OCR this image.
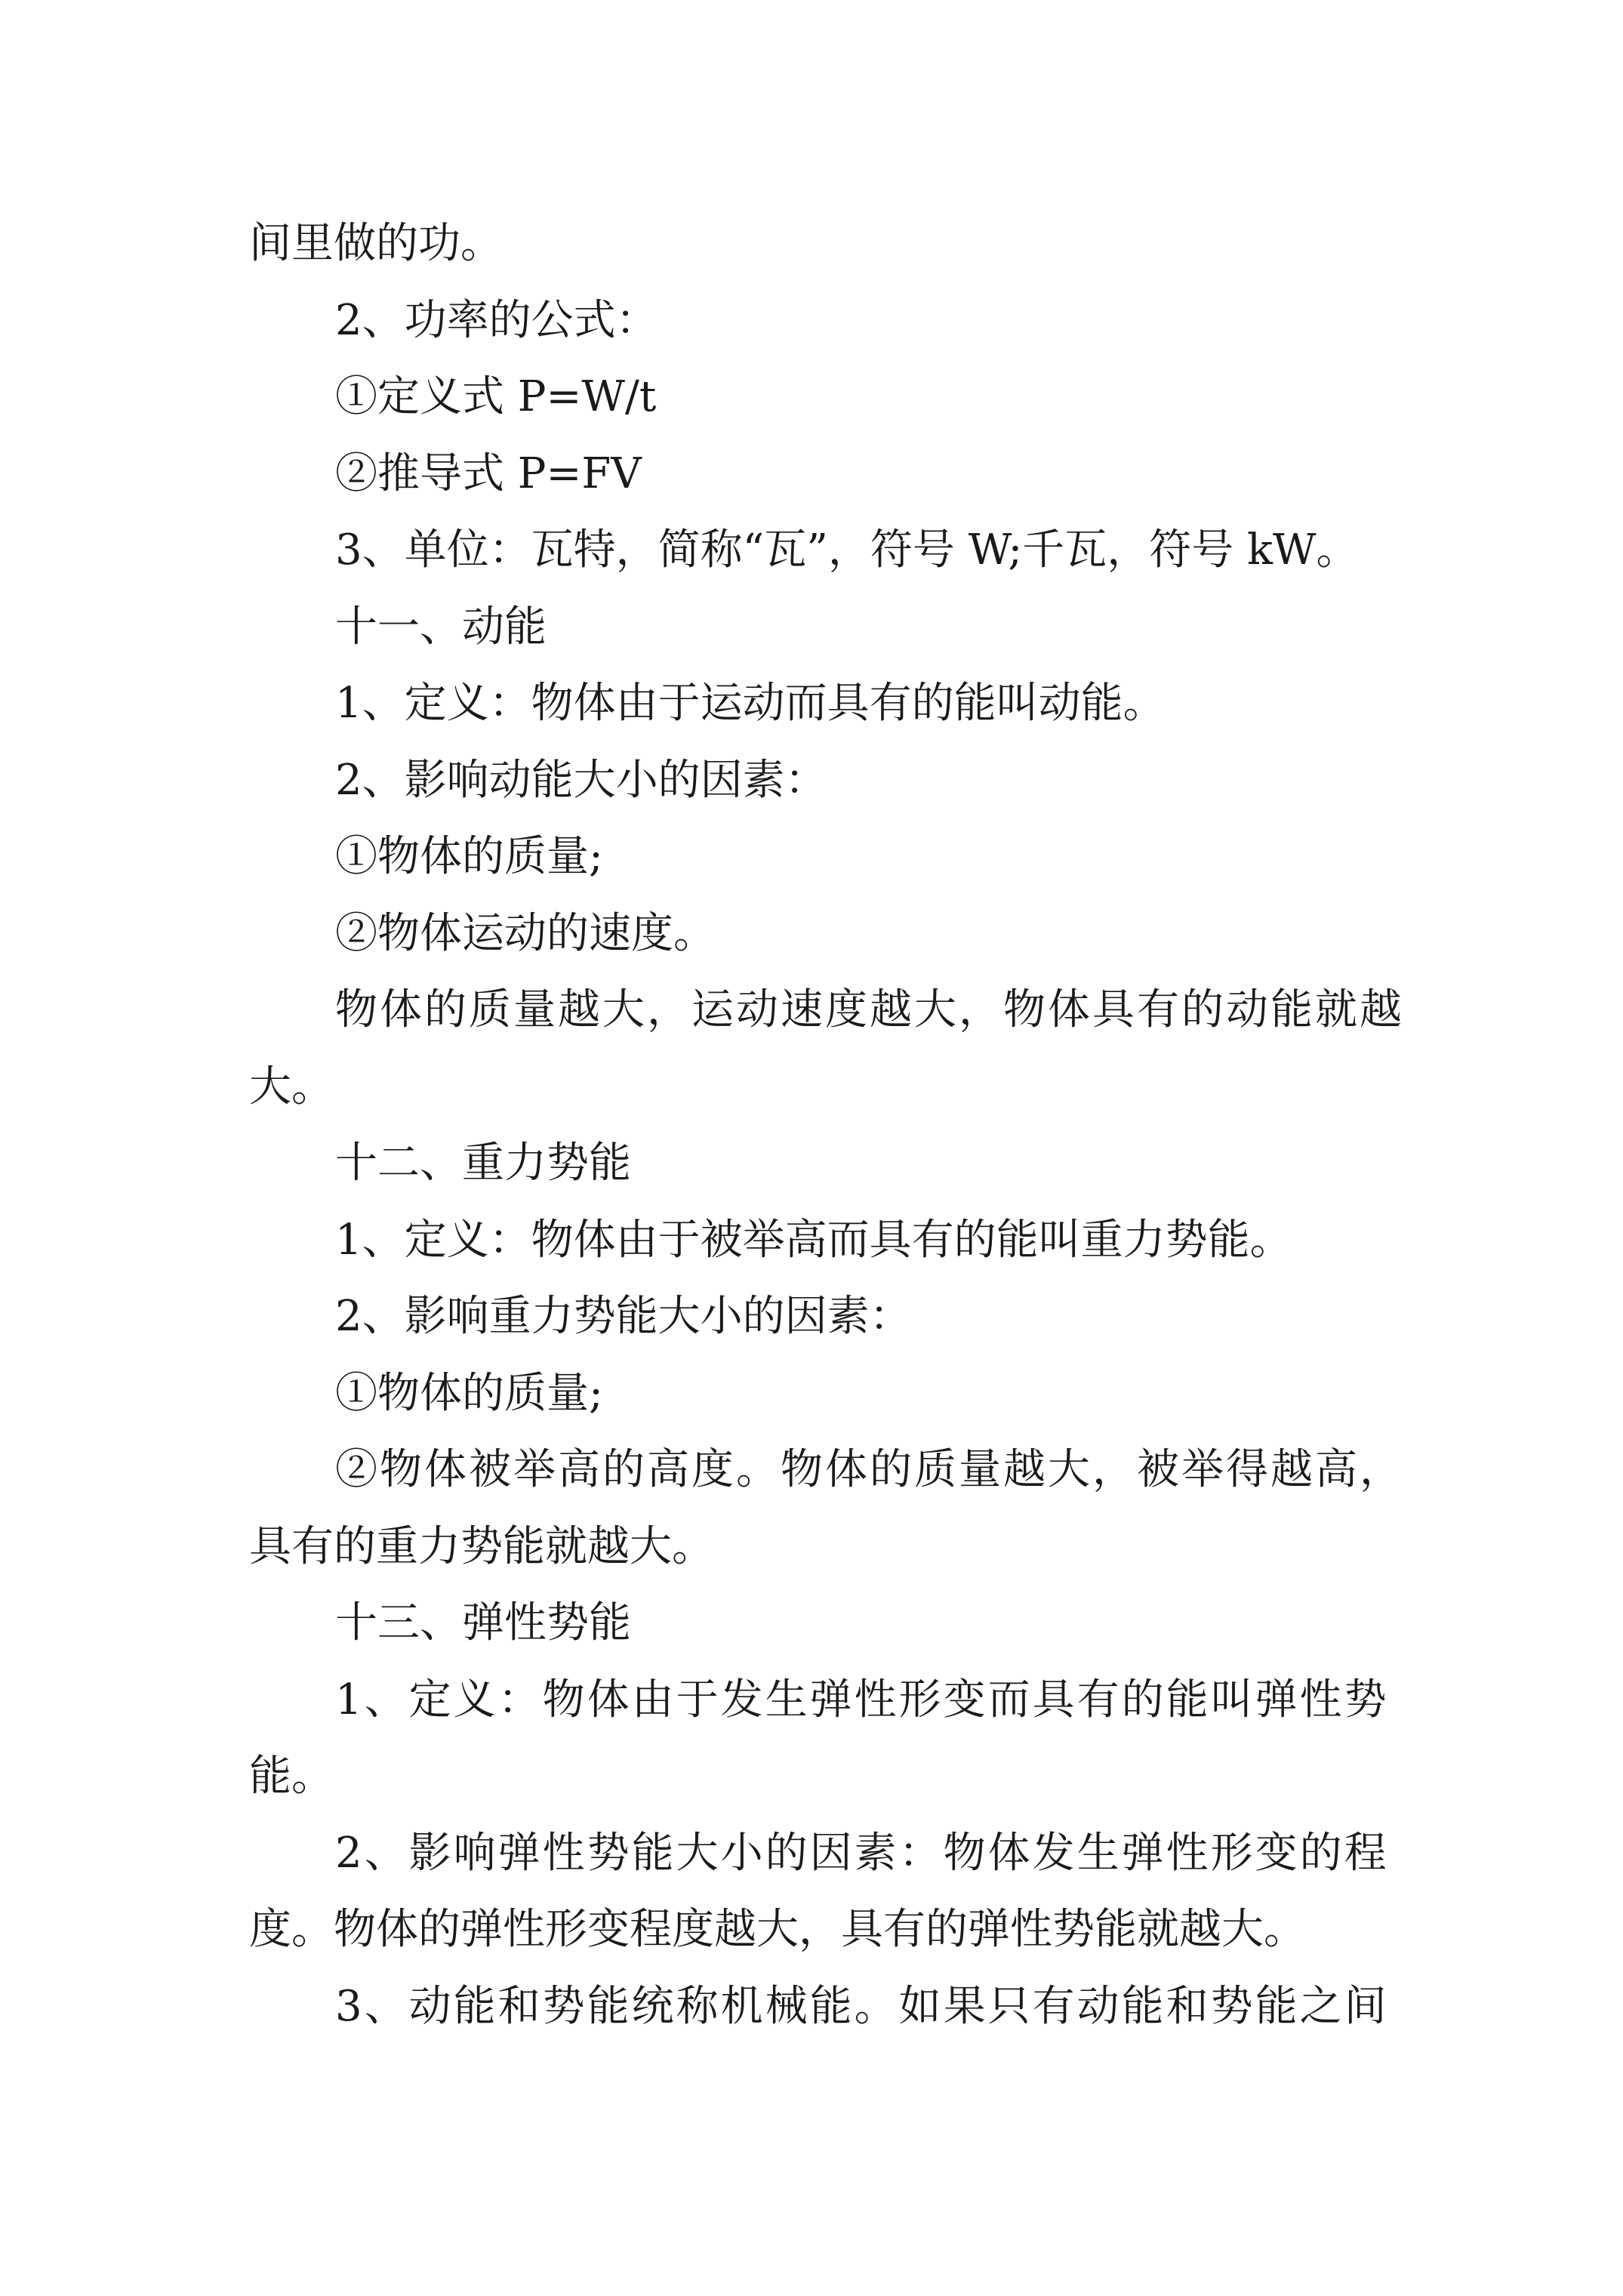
间里做的功。
2、功率的公式：
①定义式 P=W/t
②推导式 P=FV
3、单位：瓦特，简称“瓦”，符号 W;千瓦，符号 kW。
十一、动能
1、定义：物体由于运动而具有的能叫动能。
2、影响动能大小的因素：
①物体的质量;
②物体运动的速度。
物体的质量越大，运动速度越大，物体具有的动能就越
大。
十二、重力势能
1、定义：物体由于被举高而具有的能叫重力势能。
2、影响重力势能大小的因素：
①物体的质量;
②物体被举高的高度。物体的质量越大，被举得越高，
具有的重力势能就越大。
十三、弹性势能
1、定义：物体由于发生弹性形变而具有的能叫弹性势
能。
2、影响弹性势能大小的因素：物体发生弹性形变的程
度。物体的弹性形变程度越大，具有的弹性势能就越大。
3、动能和势能统称机械能。如果只有动能和势能之间
